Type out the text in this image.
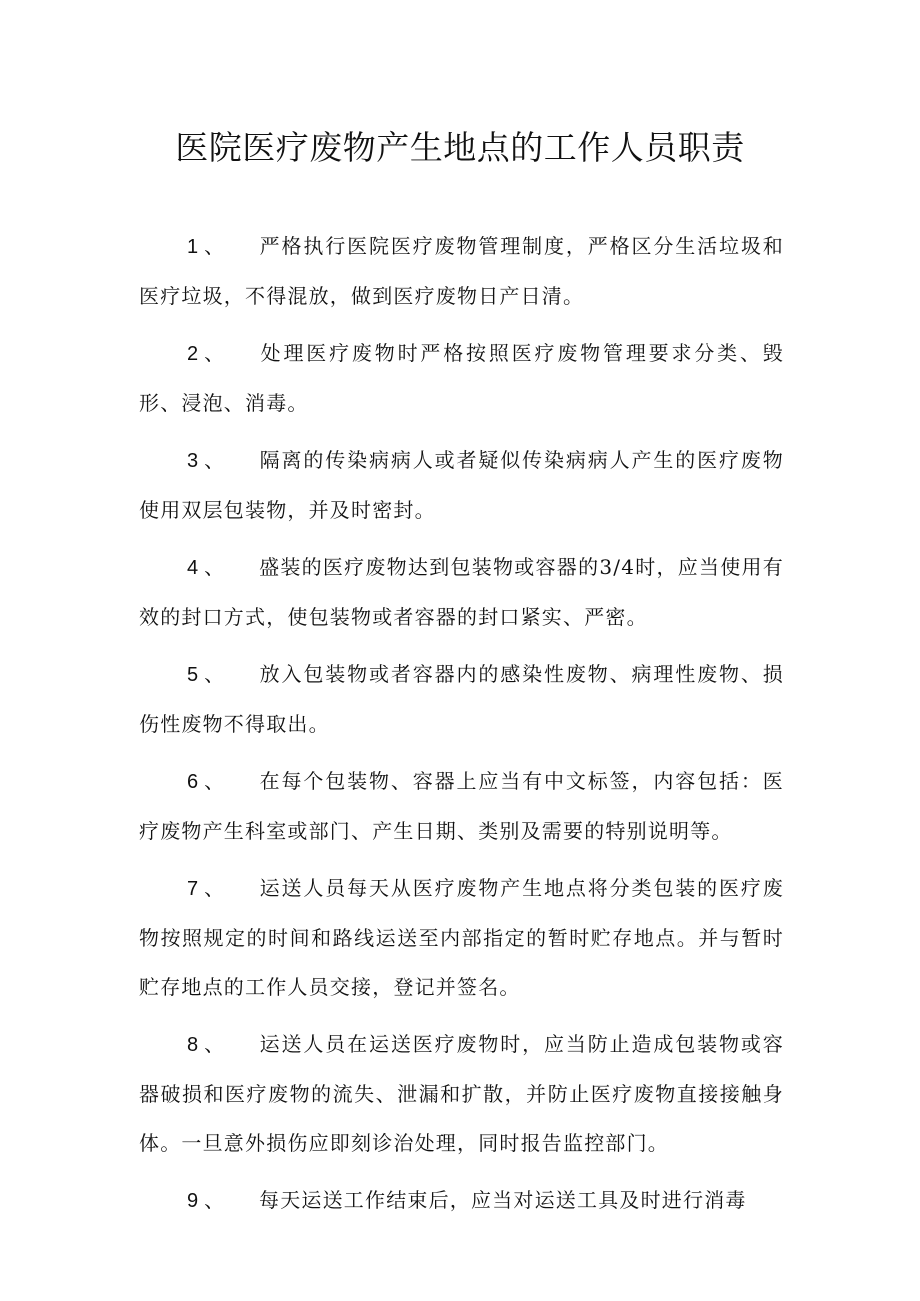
医院医疗废物产生地点的工作人员职责

1 、 严格执行医院医疗废物管理制度，严格区分生活垃圾和医疗垃圾，不得混放，做到医疗废物日产日清。

2 、 处理医疗废物时严格按照医疗废物管理要求分类、毁形、浸泡、消毒。

3 、 隔离的传染病病人或者疑似传染病病人产生的医疗废物使用双层包装物，并及时密封。

4 、 盛装的医疗废物达到包装物或容器的3/4时，应当使用有效的封口方式，使包装物或者容器的封口紧实、严密。

5 、 放入包装物或者容器内的感染性废物、病理性废物、损伤性废物不得取出。

6 、 在每个包装物、容器上应当有中文标签，内容包括：医疗废物产生科室或部门、产生日期、类别及需要的特别说明等。

7 、 运送人员每天从医疗废物产生地点将分类包装的医疗废物按照规定的时间和路线运送至内部指定的暂时贮存地点。并与暂时贮存地点的工作人员交接，登记并签名。

8 、 运送人员在运送医疗废物时，应当防止造成包装物或容器破损和医疗废物的流失、泄漏和扩散，并防止医疗废物直接接触身体。一旦意外损伤应即刻诊治处理，同时报告监控部门。

9 、 每天运送工作结束后，应当对运送工具及时进行消毒
